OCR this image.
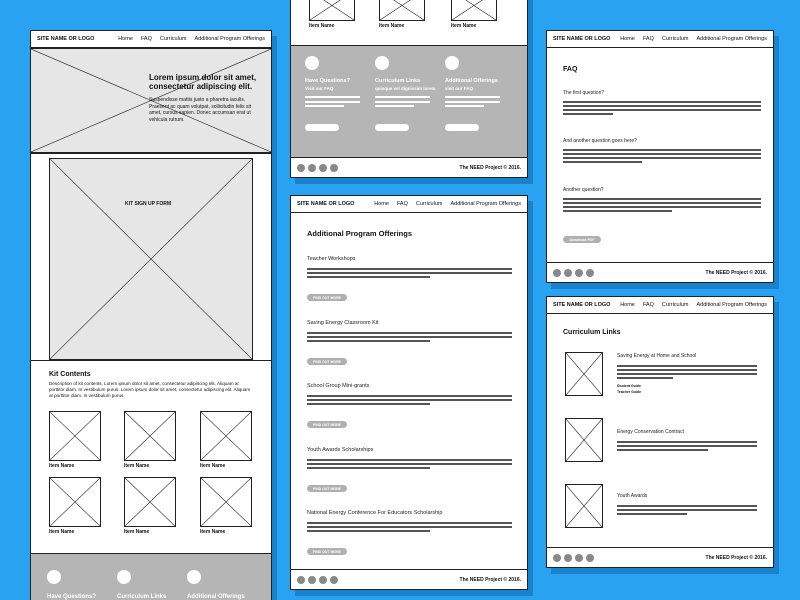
SITE NAME OR LOGO	Home FAQ Curriculum Additional Program Offerings
Lorem ipsum dolor sit amet,
consectetur adipiscing elit.
Suspendisse mattis justo a pharetra iaculis.
Praesent ac quam volutpat, sollicitudin felis sit
amet, cursus sapien. Donec accumsan erat ut
vehicula rutrum.
KIT SIGN UP FORM
Kit Contents
Description of kit contents. Lorem ipsum dolor sit amet, consectetur adipiscing elit. Aliquam at
porttitor diam. In vestibulum purus. Lorem ipsum dolor sit amet, consectetur adipiscing elit. Aliquam
at porttitor diam. In vestibulum purus.
Item Name	Item Name	Item Name
Item Name	Item Name	Item Name
Have Questions?	Curriculum Links	Additional Offerings
Item Name	Item Name	Item Name
Have Questions?
Visit our FAQ
Curriculum Links
quisque vel dignissim lorem
Additional Offerings
visit our FAQ
The NEED Project © 2016.
SITE NAME OR LOGO	Home FAQ Curriculum Additional Program Offerings
Additional Program Offerings
Teacher Workshops
FIND OUT MORE
Saving Energy Classroom Kit
FIND OUT MORE
School Group Mini-grants
FIND OUT MORE
Youth Awards Scholarships
FIND OUT MORE
National Energy Conference For Educators Scholarship
FIND OUT MORE
The NEED Project © 2016.
SITE NAME OR LOGO	Home FAQ Curriculum Additional Program Offerings
FAQ
The first question?
And another question goes here?
Another question?
Download PDF
The NEED Project © 2016.
SITE NAME OR LOGO	Home FAQ Curriculum Additional Program Offerings
Curriculum Links
Saving Energy at Home and School
Student Guide
Teacher Guide
Energy Conservation Contract
Youth Awards
The NEED Project © 2016.
